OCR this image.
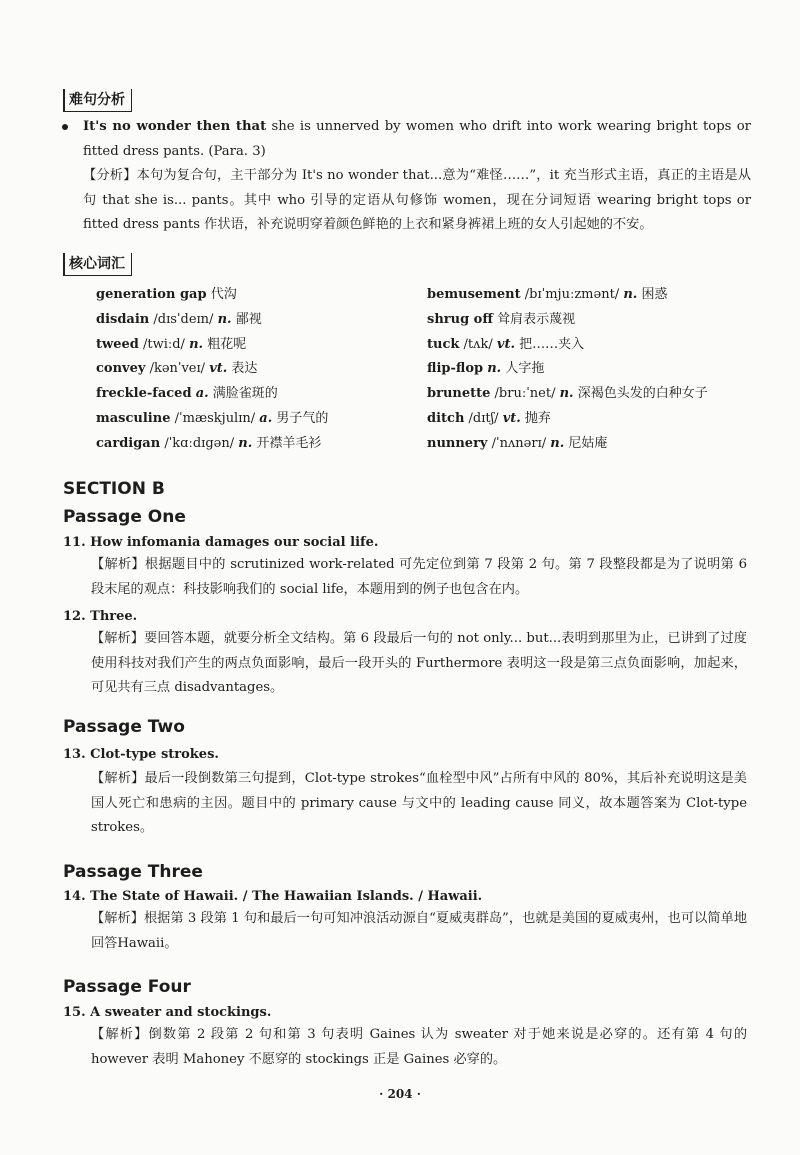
难句分析

It's no wonder then that she is unnerved by women who drift into work wearing bright tops or fitted dress pants. (Para. 3)
【分析】本句为复合句，主干部分为 It's no wonder that...意为“难怪……”，it 充当形式主语，真正的主语是从句 that she is... pants。其中 who 引导的定语从句修饰 women，现在分词短语 wearing bright tops or fitted dress pants 作状语，补充说明穿着颜色鲜艳的上衣和紧身裤裙上班的女人引起她的不安。

核心词汇
generation gap 代沟
disdain /dɪsˈdeɪn/ n. 鄙视
tweed /twiːd/ n. 粗花呢
convey /kənˈveɪ/ vt. 表达
freckle-faced a. 满脸雀斑的
masculine /ˈmæskjulɪn/ a. 男子气的
cardigan /ˈkɑːdɪgən/ n. 开襟羊毛衫
bemusement /bɪˈmjuːzmənt/ n. 困惑
shrug off 耸肩表示蔑视
tuck /tʌk/ vt. 把……夹入
flip-flop n. 人字拖
brunette /bruːˈnet/ n. 深褐色头发的白种女子
ditch /dɪtʃ/ vt. 抛弃
nunnery /ˈnʌnərɪ/ n. 尼姑庵
SECTION B
Passage One
11. How infomania damages our social life.

【解析】根据题目中的 scrutinized work-related 可先定位到第 7 段第 2 句。第 7 段整段都是为了说明第 6 段末尾的观点：科技影响我们的 social life，本题用到的例子也包含在内。

12. Three.

【解析】要回答本题，就要分析全文结构。第 6 段最后一句的 not only... but...表明到那里为止，已讲到了过度使用科技对我们产生的两点负面影响，最后一段开头的 Furthermore 表明这一段是第三点负面影响，加起来，可见共有三点 disadvantages。

Passage Two
13. Clot-type strokes.

【解析】最后一段倒数第三句提到，Clot-type strokes“血栓型中风”占所有中风的 80%，其后补充说明这是美国人死亡和患病的主因。题目中的 primary cause 与文中的 leading cause 同义，故本题答案为 Clot-type strokes。

Passage Three
14. The State of Hawaii. / The Hawaiian Islands. / Hawaii.

【解析】根据第 3 段第 1 句和最后一句可知冲浪活动源自“夏威夷群岛”，也就是美国的夏威夷州，也可以简单地回答Hawaii。

Passage Four
15. A sweater and stockings.

【解析】倒数第 2 段第 2 句和第 3 句表明 Gaines 认为 sweater 对于她来说是必穿的。还有第 4 句的 however 表明 Mahoney 不愿穿的 stockings 正是 Gaines 必穿的。

· 204 ·
